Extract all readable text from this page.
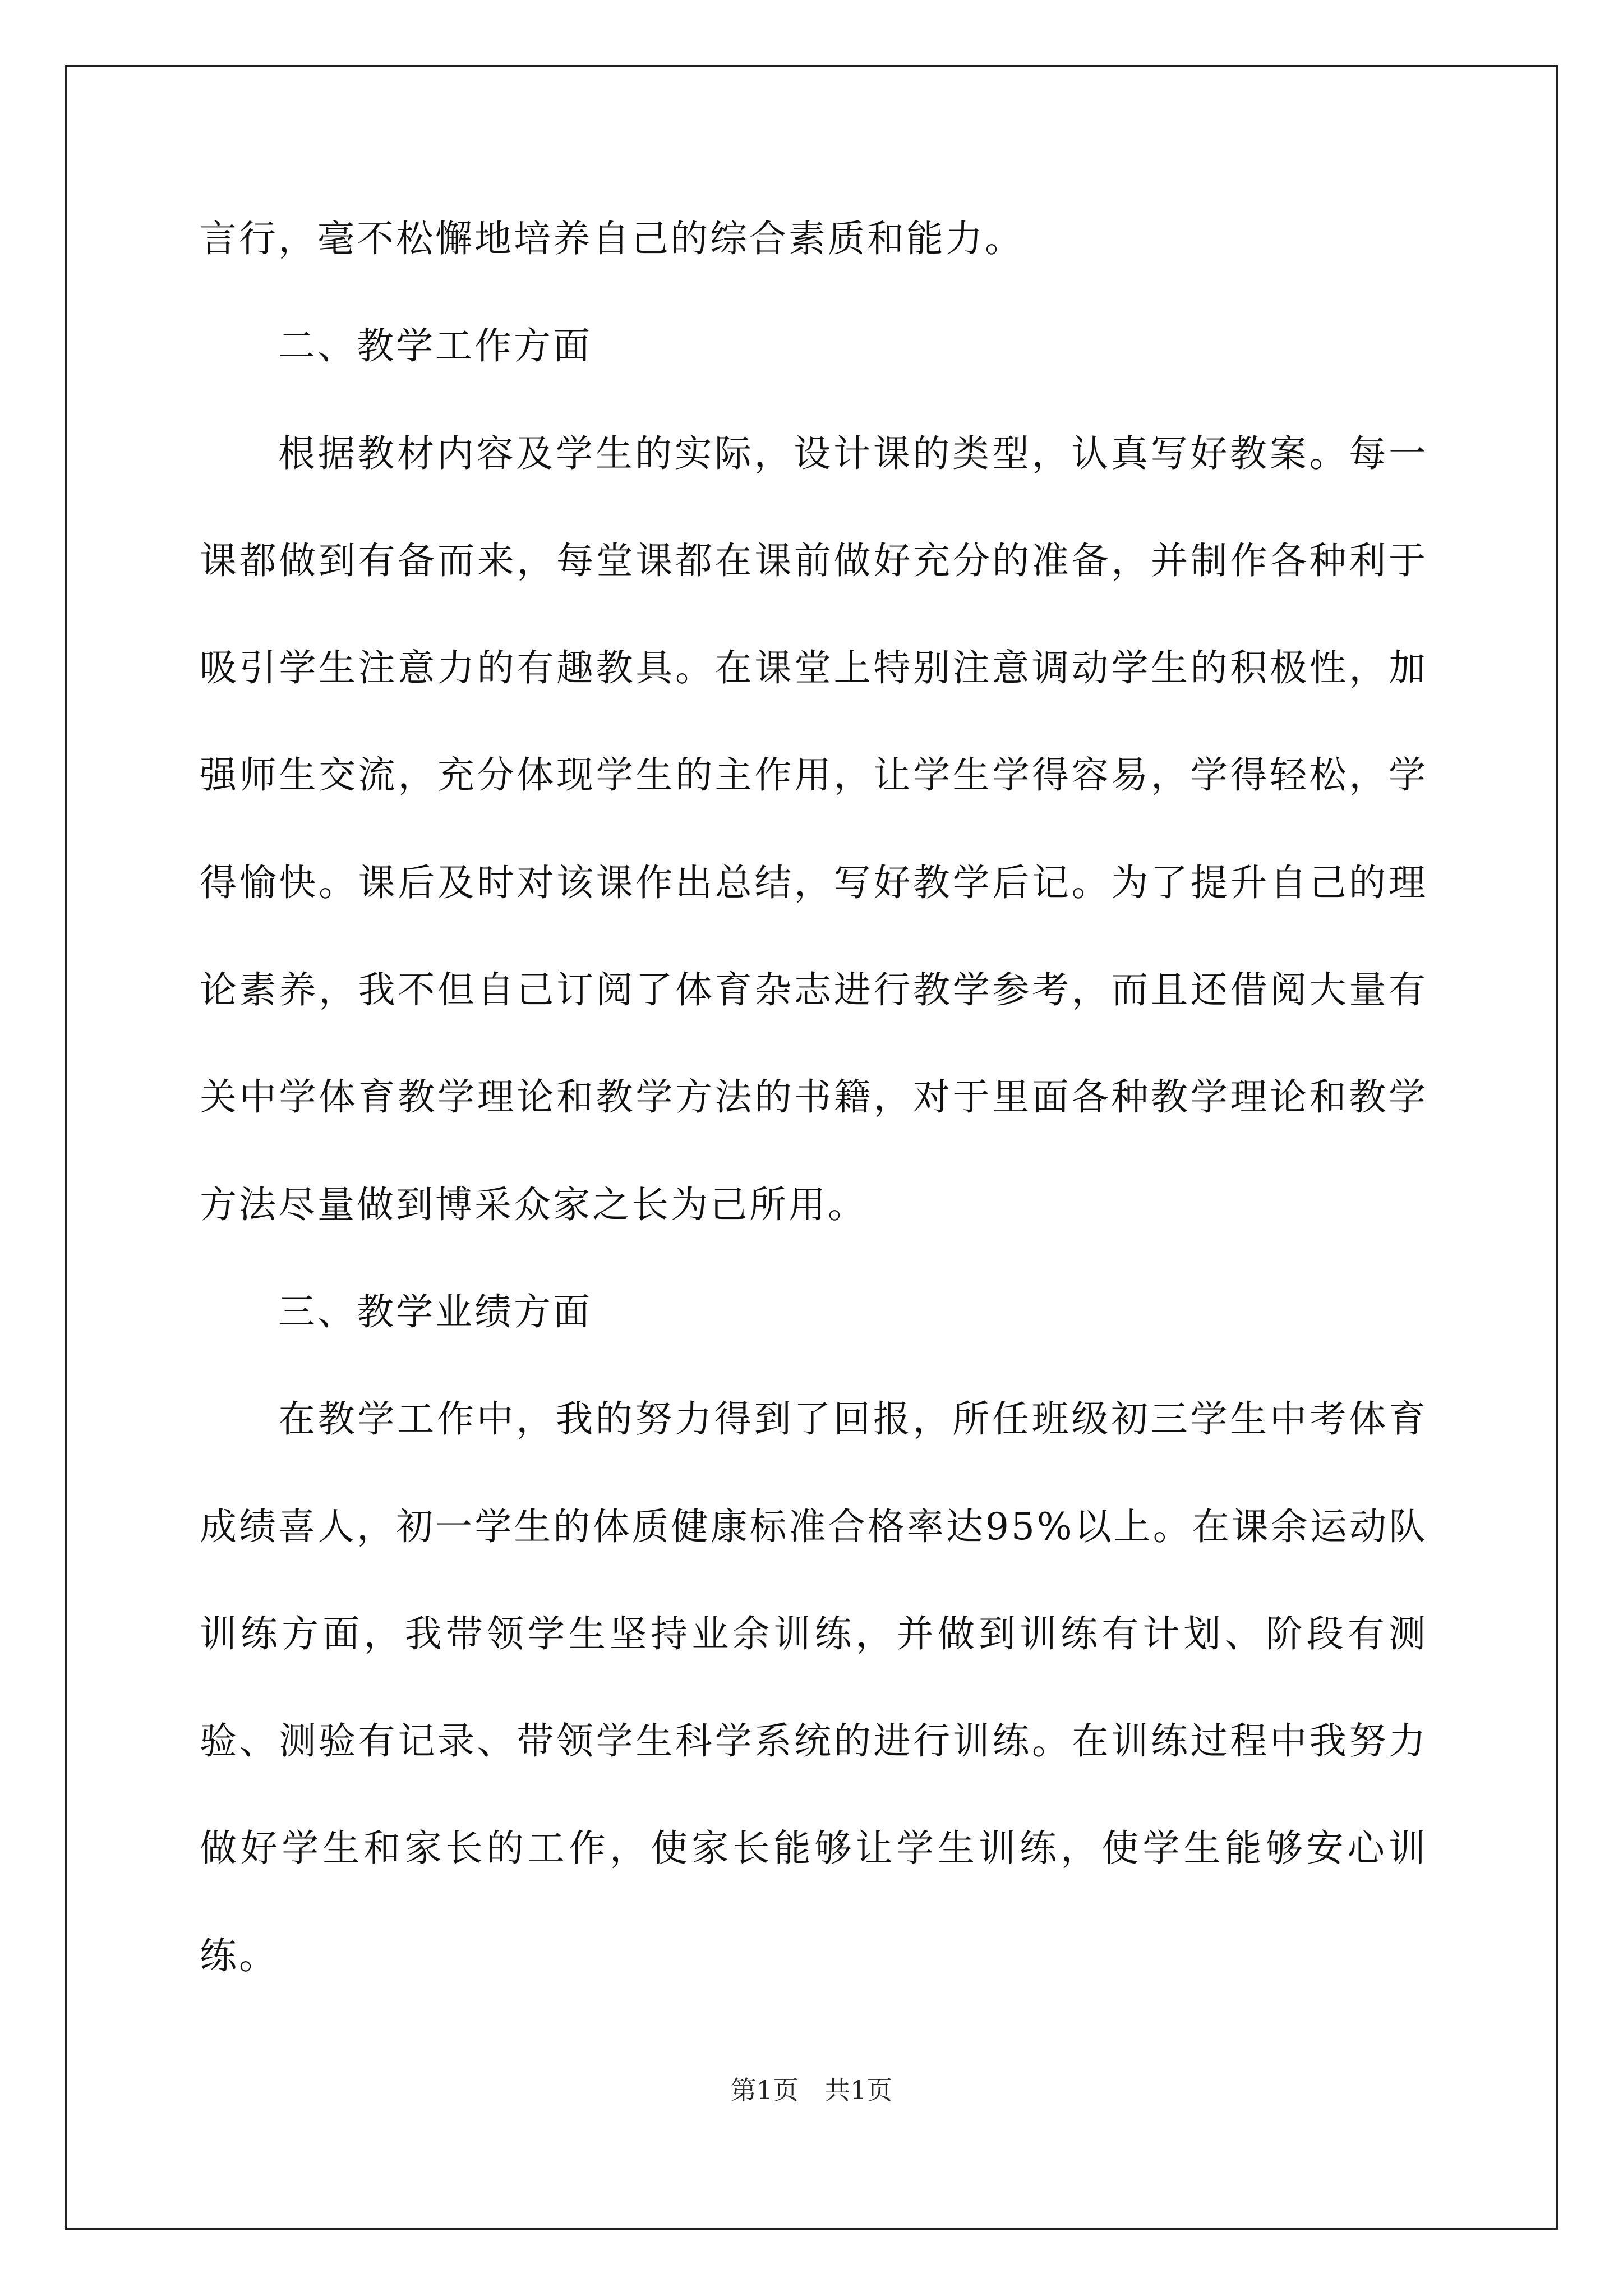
言行，毫不松懈地培养自己的综合素质和能力。

二、教学工作方面

根据教材内容及学生的实际，设计课的类型，认真写好教案。每一课都做到有备而来，每堂课都在课前做好充分的准备，并制作各种利于吸引学生注意力的有趣教具。在课堂上特别注意调动学生的积极性，加强师生交流，充分体现学生的主作用，让学生学得容易，学得轻松，学得愉快。课后及时对该课作出总结，写好教学后记。为了提升自己的理论素养，我不但自己订阅了体育杂志进行教学参考，而且还借阅大量有关中学体育教学理论和教学方法的书籍，对于里面各种教学理论和教学方法尽量做到博采众家之长为己所用。

三、教学业绩方面

在教学工作中，我的努力得到了回报，所任班级初三学生中考体育成绩喜人，初一学生的体质健康标准合格率达95%以上。在课余运动队训练方面，我带领学生坚持业余训练，并做到训练有计划、阶段有测验、测验有记录、带领学生科学系统的进行训练。在训练过程中我努力做好学生和家长的工作，使家长能够让学生训练，使学生能够安心训练。

第1页　共1页
